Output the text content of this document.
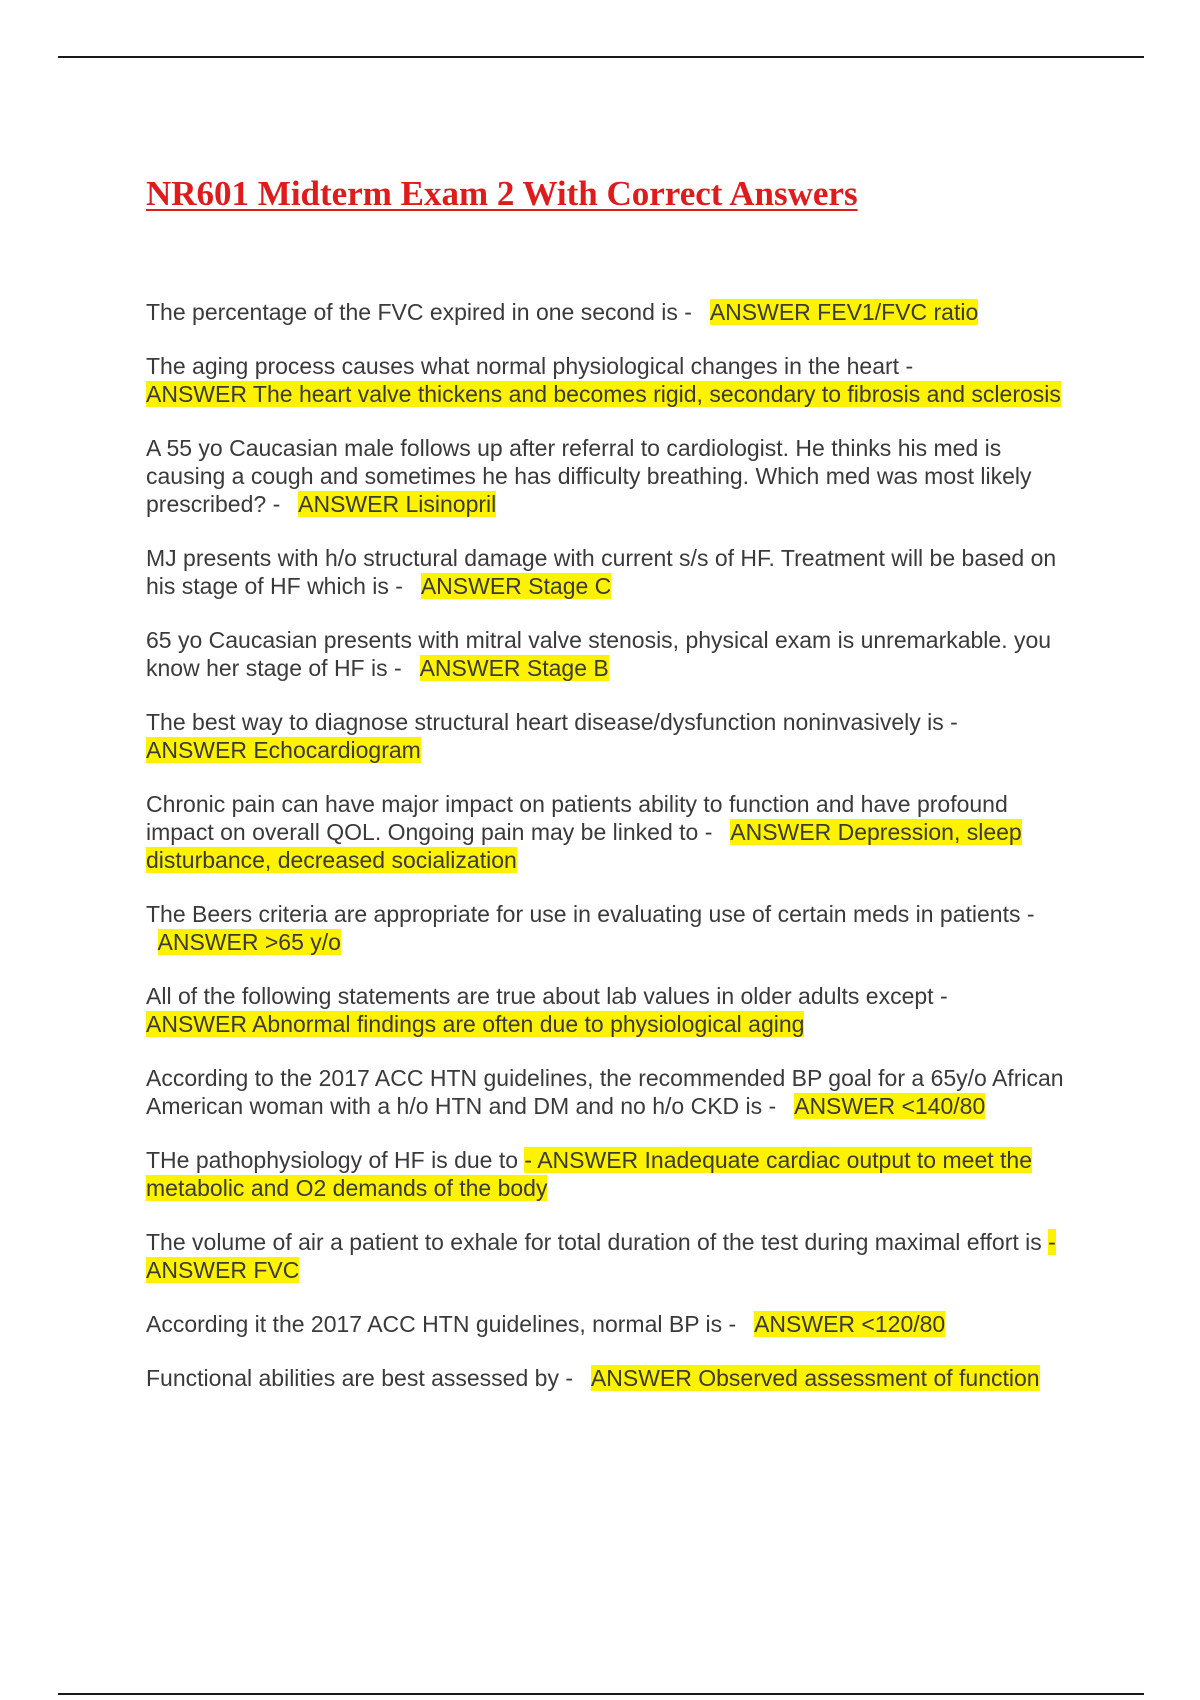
NR601 Midterm Exam 2 With Correct Answers

The percentage of the FVC expired in one second is -   ANSWER FEV1/FVC ratio

The aging process causes what normal physiological changes in the heart -
ANSWER The heart valve thickens and becomes rigid, secondary to fibrosis and sclerosis

A 55 yo Caucasian male follows up after referral to cardiologist. He thinks his med is causing a cough and sometimes he has difficulty breathing. Which med was most likely prescribed? -   ANSWER Lisinopril

MJ presents with h/o structural damage with current s/s of HF. Treatment will be based on his stage of HF which is -   ANSWER Stage C

65 yo Caucasian presents with mitral valve stenosis, physical exam is unremarkable. you know her stage of HF is -   ANSWER Stage B

The best way to diagnose structural heart disease/dysfunction noninvasively is -
ANSWER Echocardiogram

Chronic pain can have major impact on patients ability to function and have profound impact on overall QOL. Ongoing pain may be linked to -   ANSWER Depression, sleep disturbance, decreased socialization

The Beers criteria are appropriate for use in evaluating use of certain meds in patients -   ANSWER >65 y/o

All of the following statements are true about lab values in older adults except -
ANSWER Abnormal findings are often due to physiological aging

According to the 2017 ACC HTN guidelines, the recommended BP goal for a 65y/o African American woman with a h/o HTN and DM and no h/o CKD is -   ANSWER <140/80

THe pathophysiology of HF is due to - ANSWER Inadequate cardiac output to meet the metabolic and O2 demands of the body

The volume of air a patient to exhale for total duration of the test during maximal effort is - ANSWER FVC

According it the 2017 ACC HTN guidelines, normal BP is -   ANSWER <120/80

Functional abilities are best assessed by -   ANSWER Observed assessment of function
